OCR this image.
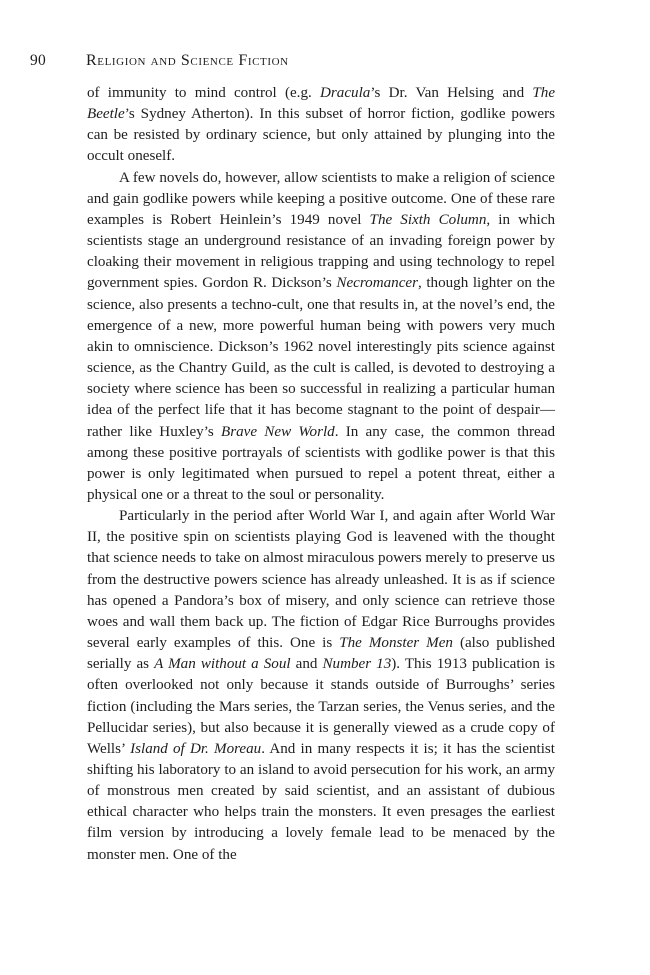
90	Religion and Science Fiction

of immunity to mind control (e.g. Dracula’s Dr. Van Helsing and The Beetle’s Sydney Atherton). In this subset of horror fiction, godlike powers can be resisted by ordinary science, but only attained by plunging into the occult oneself.

A few novels do, however, allow scientists to make a religion of science and gain godlike powers while keeping a positive outcome. One of these rare examples is Robert Heinlein’s 1949 novel The Sixth Column, in which scientists stage an underground resistance of an invading foreign power by cloaking their movement in religious trapping and using technology to repel government spies. Gordon R. Dickson’s Necromancer, though lighter on the science, also presents a techno-cult, one that results in, at the novel’s end, the emergence of a new, more powerful human being with powers very much akin to omniscience. Dickson’s 1962 novel interestingly pits science against science, as the Chantry Guild, as the cult is called, is devoted to destroying a society where science has been so successful in realizing a particular human idea of the perfect life that it has become stagnant to the point of despair—rather like Huxley’s Brave New World. In any case, the common thread among these positive portrayals of scientists with godlike power is that this power is only legitimated when pursued to repel a potent threat, either a physical one or a threat to the soul or personality.

Particularly in the period after World War I, and again after World War II, the positive spin on scientists playing God is leavened with the thought that science needs to take on almost miraculous powers merely to preserve us from the destructive powers science has already unleashed. It is as if science has opened a Pandora’s box of misery, and only science can retrieve those woes and wall them back up. The fiction of Edgar Rice Burroughs provides several early examples of this. One is The Monster Men (also published serially as A Man without a Soul and Number 13). This 1913 publication is often overlooked not only because it stands outside of Burroughs’ series fiction (including the Mars series, the Tarzan series, the Venus series, and the Pellucidar series), but also because it is generally viewed as a crude copy of Wells’ Island of Dr. Moreau. And in many respects it is; it has the scientist shifting his laboratory to an island to avoid persecution for his work, an army of monstrous men created by said scientist, and an assistant of dubious ethical character who helps train the monsters. It even presages the earliest film version by introducing a lovely female lead to be menaced by the monster men. One of the
